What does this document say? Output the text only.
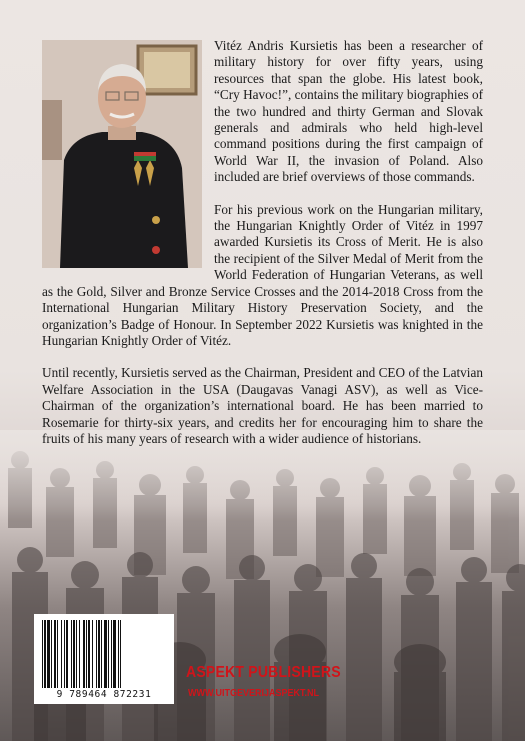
Vitéz Andris Kursietis has been a researcher of military history for over fifty years, using resources that span the globe. His latest book, “Cry Havoc!”, contains the military biographies of the two hundred and thirty German and Slovak generals and admirals who held high-level command positions during the first campaign of World War II, the invasion of Poland. Also included are brief overviews of those commands.

For his previous work on the Hungarian military, the Hungarian Knightly Order of Vitéz in 1997 awarded Kursietis its Cross of Merit. He is also the recipient of the Silver Medal of Merit from the World Federation of Hungarian Veterans, as well as the Gold, Silver and Bronze Service Crosses and the 2014-2018 Cross from the International Hungarian Military History Preservation Society, and the organization’s Badge of Honour. In September 2022 Kursietis was knighted in the Hungarian Knightly Order of Vitéz.

Until recently, Kursietis served as the Chairman, President and CEO of the Latvian Welfare Association in the USA (Daugavas Vanagi ASV), as well as Vice-Chairman of the organization’s international board. He has been married to Rosemarie for thirty-six years, and credits her for encouraging him to share the fruits of his many years of research with a wider audience of historians.

9 789464 872231
ASPEKT PUBLISHERS
WWW.UITGEVERIJASPEKT.NL
